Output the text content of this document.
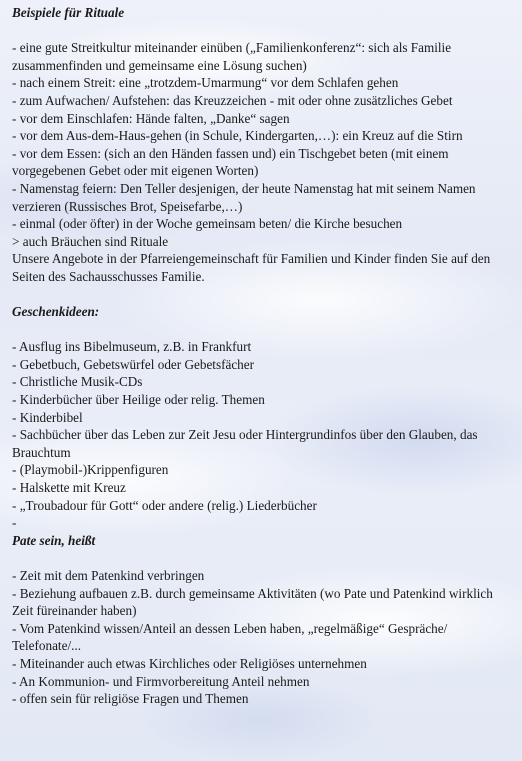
Beispiele für Rituale
- eine gute Streitkultur miteinander einüben („Familienkonferenz“: sich als Familie zusammenfinden und gemeinsame eine Lösung suchen)
- nach einem Streit: eine „trotzdem-Umarmung“ vor dem Schlafen gehen
- zum Aufwachen/ Aufstehen: das Kreuzzeichen - mit oder ohne zusätzliches Gebet
- vor dem Einschlafen: Hände falten, „Danke“ sagen
- vor dem Aus-dem-Haus-gehen (in Schule, Kindergarten,…): ein Kreuz auf die Stirn
- vor dem Essen: (sich an den Händen fassen und) ein Tischgebet beten (mit einem vorgegebenen Gebet oder mit eigenen Worten)
- Namenstag feiern: Den Teller desjenigen, der heute Namenstag hat mit seinem Namen verzieren (Russisches Brot, Speisefarbe,…)
- einmal (oder öfter) in der Woche gemeinsam beten/ die Kirche besuchen
> auch Bräuchen sind Rituale
Unsere Angebote in der Pfarreiengemeinschaft für Familien und Kinder finden Sie auf den Seiten des Sachausschusses Familie.
Geschenkideen:
- Ausflug ins Bibelmuseum, z.B. in Frankfurt
- Gebetbuch, Gebetswürfel oder Gebetsfächer
- Christliche Musik-CDs
- Kinderbücher über Heilige oder relig. Themen
- Kinderbibel
- Sachbücher über das Leben zur Zeit Jesu oder Hintergrundinfos über den Glauben, das Brauchtum
- (Playmobil-)Krippenfiguren
- Halskette mit Kreuz
- „Troubadour für Gott“ oder andere (relig.) Liederbücher
-
Pate sein, heißt
- Zeit mit dem Patenkind verbringen
- Beziehung aufbauen z.B. durch gemeinsame Aktivitäten (wo Pate und Patenkind wirklich Zeit füreinander haben)
- Vom Patenkind wissen/Anteil an dessen Leben haben, „regelmäßige“ Gespräche/ Telefonate/...
- Miteinander auch etwas Kirchliches oder Religiöses unternehmen
- An Kommunion- und Firmvorbereitung Anteil nehmen
- offen sein für religiöse Fragen und Themen
